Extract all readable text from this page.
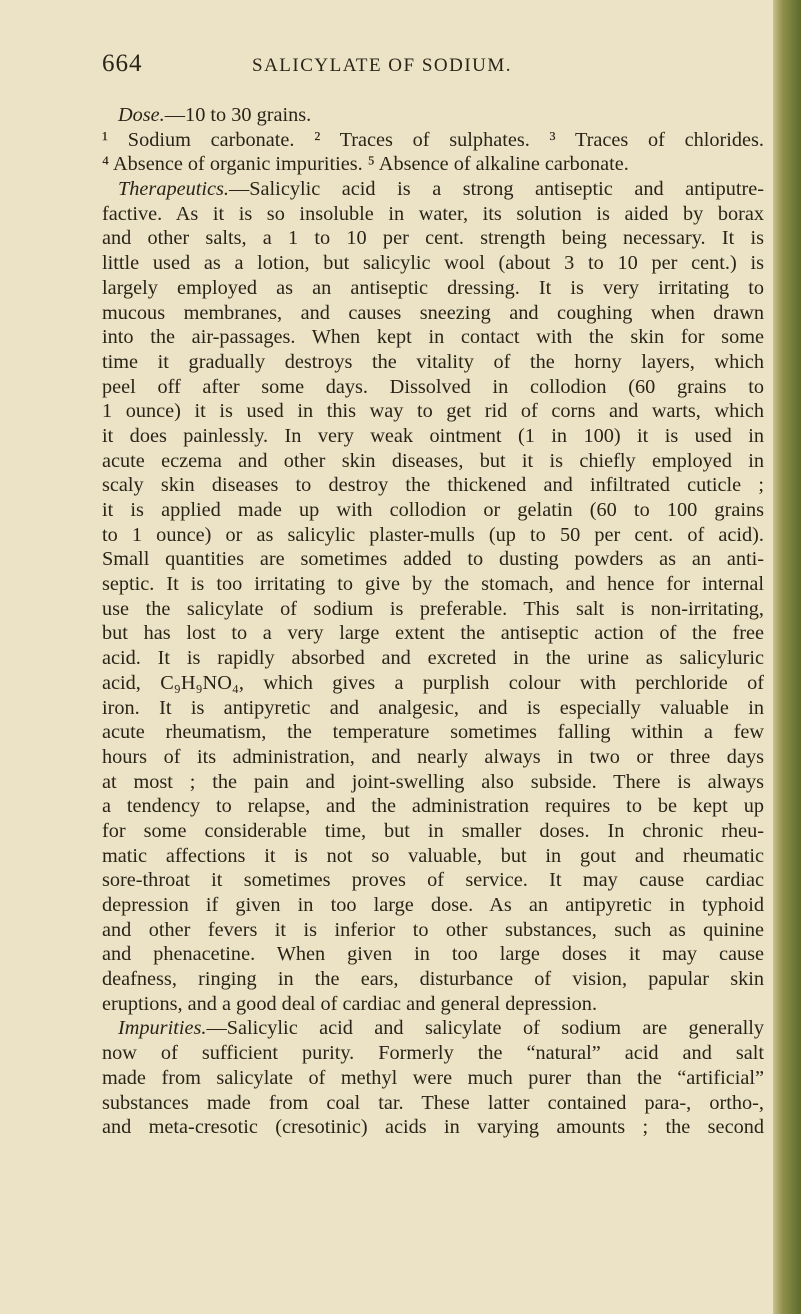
664	SALICYLATE OF SODIUM.
Dose.—10 to 30 grains.
¹ Sodium carbonate. ² Traces of sulphates. ³ Traces of chlorides.
⁴ Absence of organic impurities. ⁵ Absence of alkaline carbonate.
Therapeutics.—Salicylic acid is a strong antiseptic and antiputre-
factive. As it is so insoluble in water, its solution is aided by borax
and other salts, a 1 to 10 per cent. strength being necessary. It is
little used as a lotion, but salicylic wool (about 3 to 10 per cent.) is
largely employed as an antiseptic dressing. It is very irritating to
mucous membranes, and causes sneezing and coughing when drawn
into the air-passages. When kept in contact with the skin for some
time it gradually destroys the vitality of the horny layers, which
peel off after some days. Dissolved in collodion (60 grains to
1 ounce) it is used in this way to get rid of corns and warts, which
it does painlessly. In very weak ointment (1 in 100) it is used in
acute eczema and other skin diseases, but it is chiefly employed in
scaly skin diseases to destroy the thickened and infiltrated cuticle ;
it is applied made up with collodion or gelatin (60 to 100 grains
to 1 ounce) or as salicylic plaster-mulls (up to 50 per cent. of acid).
Small quantities are sometimes added to dusting powders as an anti-
septic. It is too irritating to give by the stomach, and hence for internal
use the salicylate of sodium is preferable. This salt is non-irritating,
but has lost to a very large extent the antiseptic action of the free
acid. It is rapidly absorbed and excreted in the urine as salicyluric
acid, C₉H₉NO₄, which gives a purplish colour with perchloride of
iron. It is antipyretic and analgesic, and is especially valuable in
acute rheumatism, the temperature sometimes falling within a few
hours of its administration, and nearly always in two or three days
at most ; the pain and joint-swelling also subside. There is always
a tendency to relapse, and the administration requires to be kept up
for some considerable time, but in smaller doses. In chronic rheu-
matic affections it is not so valuable, but in gout and rheumatic
sore-throat it sometimes proves of service. It may cause cardiac
depression if given in too large dose. As an antipyretic in typhoid
and other fevers it is inferior to other substances, such as quinine
and phenacetine. When given in too large doses it may cause
deafness, ringing in the ears, disturbance of vision, papular skin
eruptions, and a good deal of cardiac and general depression.
Impurities.—Salicylic acid and salicylate of sodium are generally
now of sufficient purity. Formerly the “natural” acid and salt
made from salicylate of methyl were much purer than the “artificial”
substances made from coal tar. These latter contained para-, ortho-,
and meta-cresotic (cresotinic) acids in varying amounts ; the second
